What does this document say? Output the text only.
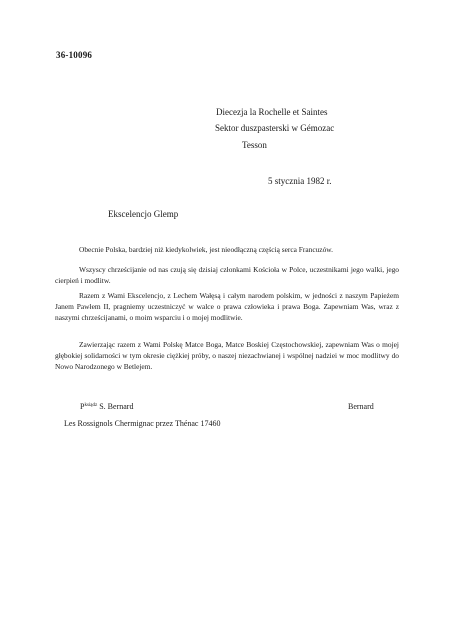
36-10096
Diecezja la Rochelle et Saintes
Sektor duszpasterski w Gémozac
Tesson
5 stycznia 1982 r.
Ekscelencjo Glemp

Obecnie Polska, bardziej niż kiedykolwiek, jest nieodłączną częścią serca Francuzów.

Wszyscy chrześcijanie od nas czują się dzisiaj członkami Kościoła w Polce, uczestnikami jego walki, jego cierpień i modlitw.

Razem z Wami Ekscelencjo, z Lechem Wałęsą i całym narodem polskim, w jedności z naszym Papieżem Janem Pawłem II, pragniemy uczestniczyć w walce o prawa człowieka i prawa Boga. Zapewniam Was, wraz z naszymi chrześcijanami, o moim wsparciu i o mojej modlitwie.

Zawierzając razem z Wami Polskę Matce Boga, Matce Boskiej Częstochowskiej, zapewniam Was o mojej głębokiej solidarności w tym okresie ciężkiej próby, o naszej niezachwianej i wspólnej nadziei w moc modlitwy do Nowo Narodzonego w Betlejem.

$P^{ksiądz}$ S. Bernard	Bernard
Les Rossignols Chermignac przez Thénac 17460
